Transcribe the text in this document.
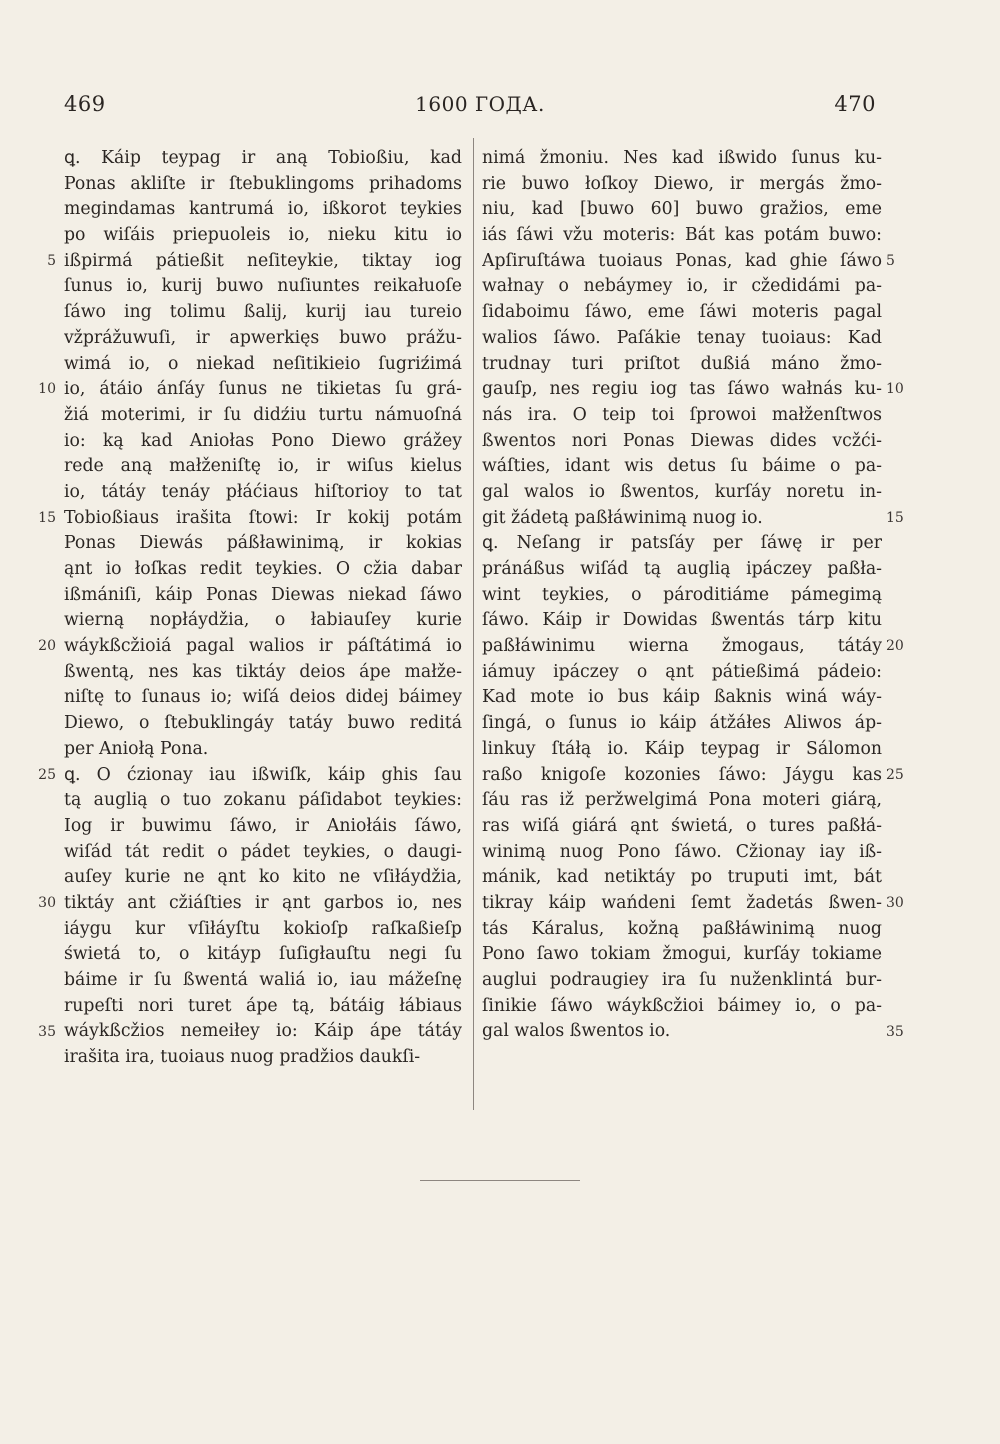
469	1600 ГОДА.	470
ꝗ. Káip teypag ir aną Tobioßiu, kad
Ponas akliſte ir ſtebuklingoms prihadoms
megindamas kantrumá io, ißkorot teykies
po wiſáis priepuoleis io, nieku kitu io
ißpirmá pátießit neſiteykie, tiktay iog
ſunus io, kurij buwo nuſiuntes reikałuoſe
ſáwo ing tolimu ßalij, kurij iau tureio
vžprážuwuſi, ir apwerkięs buwo prážu-
wimá io, o niekad neſitikieio ſugriźimá
io, átáio ánſáy ſunus ne tikietas ſu grá-
žiá moterimi, ir ſu didźiu turtu námuoſná
io: ką kad Aniołas Pono Diewo grážey
rede aną małženiſtę io, ir wiſus kielus
io, tátáy tenáy płáćiaus hiſtorioy to tat
Tobioßiaus irašita ſtowi: Ir kokij potám
Ponas Diewás páßławinimą, ir kokias
ąnt io łoſkas redit teykies. O cžia dabar
ißmániſi, káip Ponas Diewas niekad ſáwo
wierną nopłáydžia, o łabiauſey kurie
wáykßcžioiá pagal walios ir páſtátimá io
ßwentą, nes kas tiktáy deios ápe małže-
niſtę to ſunaus io; wiſá deios didej báimey
Diewo, o ſtebuklingáy tatáy buwo reditá
per Aniołą Pona.
ꝗ. O ćzionay iau ißwiſk, káip ghis ſau
tą auglią o tuo zokanu páſidabot teykies:
Iog ir buwimu ſáwo, ir Aniołáis ſáwo,
wiſád tát redit o pádet teykies, o daugi-
auſey kurie ne ąnt ko kito ne vſiłáydžia,
tiktáy ant cžiáſties ir ąnt garbos io, nes
iáygu kur vſiłáyſtu kokioſp raſkaßieſp
świetá to, o kitáyp ſuſigłauſtu negi ſu
báime ir ſu ßwentá waliá io, iau mážeſnę
rupeſti nori turet ápe tą, bátáig łábiaus
wáykßcžios nemeiłey io: Káip ápe tátáy
irašita ira, tuoiaus nuog pradžios daukſi-
nimá žmoniu. Nes kad ißwido ſunus ku-
rie buwo łoſkoy Diewo, ir mergás žmo-
niu, kad [buwo 60] buwo gražios, eme
iás ſáwi vžu moteris: Bát kas potám buwo:
Apſiruſtáwa tuoiaus Ponas, kad ghie ſáwo
wałnay o nebáymey io, ir cžedidámi pa-
ſidaboimu ſáwo, eme ſáwi moteris pagal
walios ſáwo. Paſákie tenay tuoiaus: Kad
trudnay turi priſtot dußiá máno žmo-
gauſp, nes regiu iog tas ſáwo wałnás ku-
nás ira. O teip toi ſprowoi małženſtwos
ßwentos nori Ponas Diewas dides vcžći-
wáſties, idant wis detus ſu báime o pa-
gal walos io ßwentos, kurſáy noretu in-
git žádetą paßłáwinimą nuog io.
ꝗ. Neſang ir patsſáy per ſáwę ir per
pránáßus wiſád tą auglią ipáczey paßła-
wint teykies, o pároditiáme pámegimą
ſáwo. Káip ir Dowidas ßwentás tárp kitu
paßłáwinimu wierna žmogaus, tátáy
iámuy ipáczey o ąnt pátießimá pádeio:
Kad mote io bus káip ßaknis winá wáy-
ſingá, o ſunus io káip átžáłes Aliwos áp-
linkuy ſtáłą io. Káip teypag ir Sálomon
raßo knigoſe kozonies ſáwo: Jáygu kas
ſáu ras iž peržwelgimá Pona moteri giárą,
ras wiſá giárá ąnt świetá, o tures paßłá-
winimą nuog Pono ſáwo. Cžionay iay iß-
mánik, kad netiktáy po truputi imt, bát
tikray káip wańdeni ſemt žadetás ßwen-
tás Káralus, kožną paßłáwinimą nuog
Pono ſawo tokiam žmogui, kurſáy tokiame
auglui podraugiey ira ſu nuženklintá bur-
ſinikie ſáwo wáykßcžioi báimey io, o pa-
gal walos ßwentos io.
5	5
10	10
15	15
20	20
25	25
30	30
35	35
